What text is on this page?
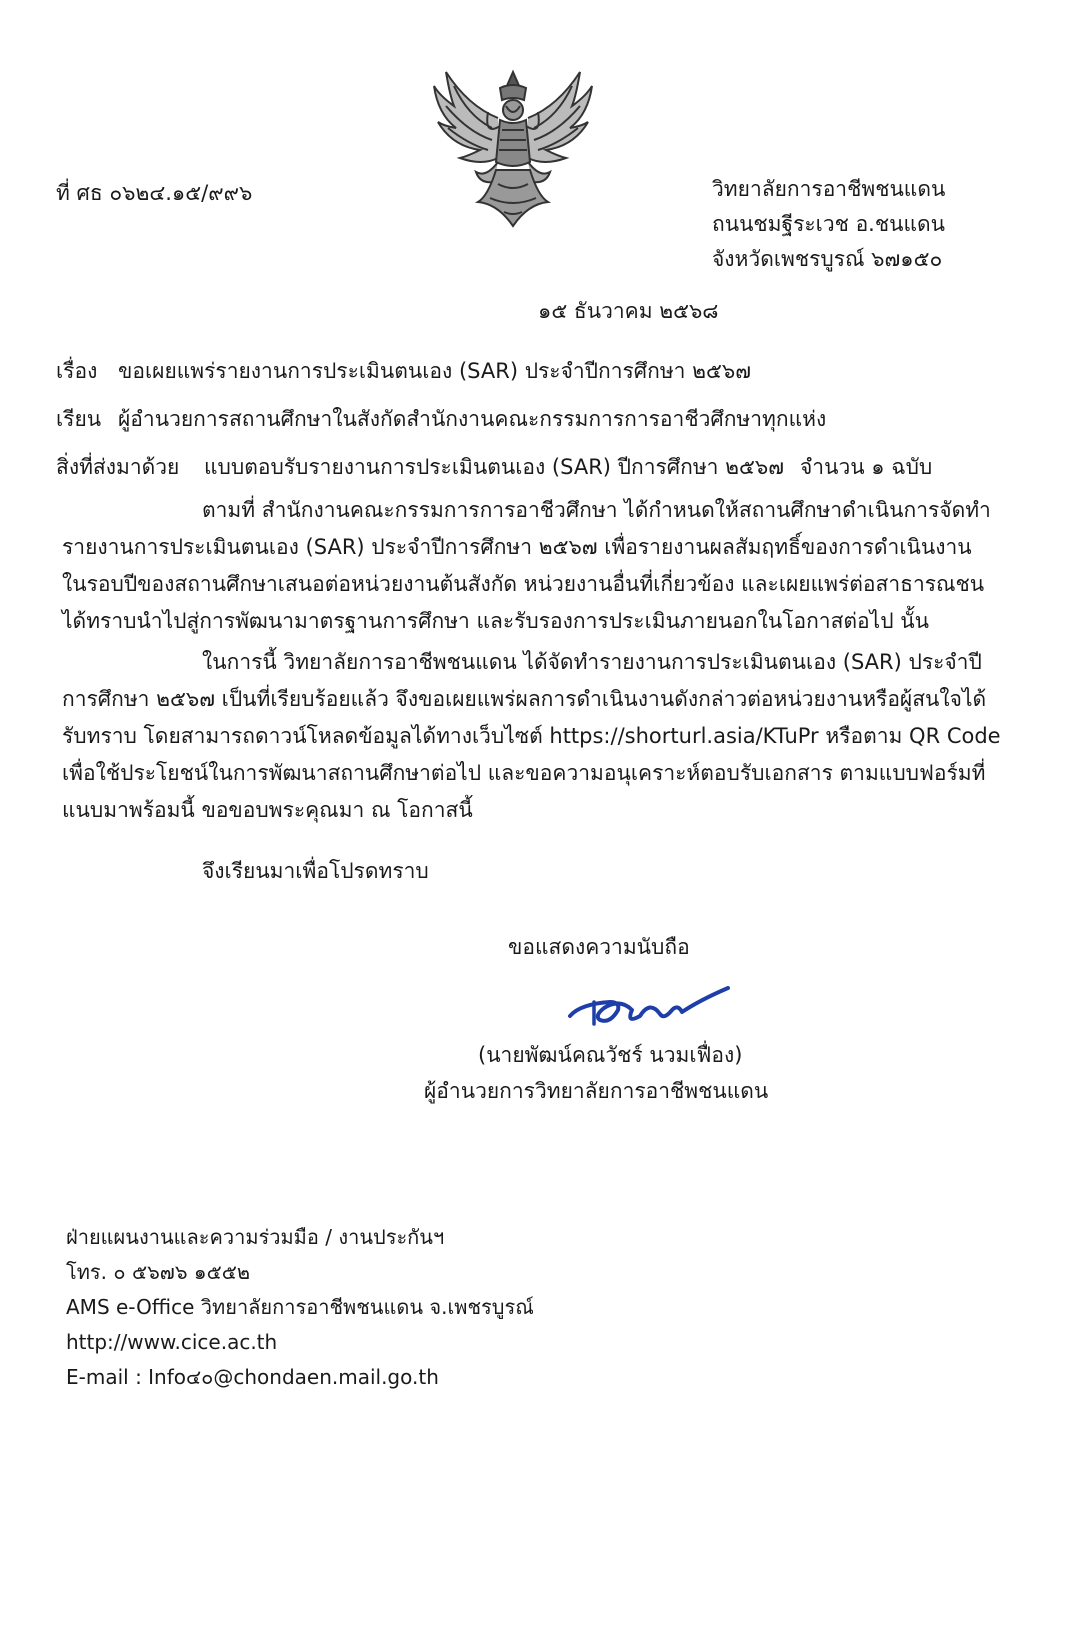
ที่ ศธ ๐๖๒๔.๑๕/๙๙๖	วิทยาลัยการอาชีพชนแดน
ถนนชมฐีระเวช อ.ชนแดน
จังหวัดเพชรบูรณ์ ๖๗๑๕๐
๑๕ ธันวาคม ๒๕๖๘
เรื่อง ขอเผยแพร่รายงานการประเมินตนเอง (SAR) ประจำปีการศึกษา ๒๕๖๗
เรียน ผู้อำนวยการสถานศึกษาในสังกัดสำนักงานคณะกรรมการการอาชีวศึกษาทุกแห่ง
สิ่งที่ส่งมาด้วย แบบตอบรับรายงานการประเมินตนเอง (SAR) ปีการศึกษา ๒๕๖๗ จำนวน ๑ ฉบับ
ตามที่ สำนักงานคณะกรรมการการอาชีวศึกษา ได้กำหนดให้สถานศึกษาดำเนินการจัดทำ
รายงานการประเมินตนเอง (SAR) ประจำปีการศึกษา ๒๕๖๗ เพื่อรายงานผลสัมฤทธิ์ของการดำเนินงาน
ในรอบปีของสถานศึกษาเสนอต่อหน่วยงานต้นสังกัด หน่วยงานอื่นที่เกี่ยวข้อง และเผยแพร่ต่อสาธารณชน
ได้ทราบนำไปสู่การพัฒนามาตรฐานการศึกษา และรับรองการประเมินภายนอกในโอกาสต่อไป นั้น
ในการนี้ วิทยาลัยการอาชีพชนแดน ได้จัดทำรายงานการประเมินตนเอง (SAR) ประจำปี
การศึกษา ๒๕๖๗ เป็นที่เรียบร้อยแล้ว จึงขอเผยแพร่ผลการดำเนินงานดังกล่าวต่อหน่วยงานหรือผู้สนใจได้
รับทราบ โดยสามารถดาวน์โหลดข้อมูลได้ทางเว็บไซต์ https://shorturl.asia/KTuPr หรือตาม QR Code
เพื่อใช้ประโยชน์ในการพัฒนาสถานศึกษาต่อไป และขอความอนุเคราะห์ตอบรับเอกสาร ตามแบบฟอร์มที่
แนบมาพร้อมนี้ ขอขอบพระคุณมา ณ โอกาสนี้
จึงเรียนมาเพื่อโปรดทราบ
ขอแสดงความนับถือ
(นายพัฒน์คณวัชร์ นวมเฟื่อง)
ผู้อำนวยการวิทยาลัยการอาชีพชนแดน
ฝ่ายแผนงานและความร่วมมือ / งานประกันฯ
โทร. ๐ ๕๖๗๖ ๑๕๕๒
AMS e-Office วิทยาลัยการอาชีพชนแดน จ.เพชรบูรณ์
http://www.cice.ac.th
E-mail : Info๔๐@chondaen.mail.go.th
